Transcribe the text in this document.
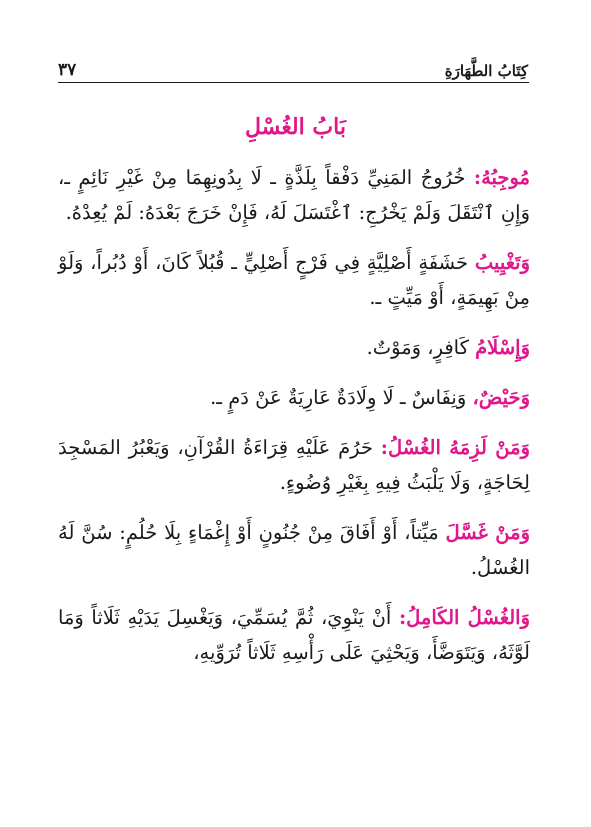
٣٧	كِتَابُ الطَّهَارَةِ
بَابُ الغُسْلِ

مُوجِبُهُ: خُرُوجُ المَنِيِّ دَفْقاً بِلَذَّةٍ ـ لَا بِدُونِهِمَا مِنْ غَيْرِ نَائِمٍ ـ، وَإِنِ ٱنْتَقَلَ وَلَمْ يَخْرُجِ: ٱغْتَسَلَ لَهُ، فَإِنْ خَرَجَ بَعْدَهُ: لَمْ يُعِدْهُ.

وَتَغْيِيبُ حَشَفَةٍ أَصْلِيَّةٍ فِي فَرْجٍ أَصْلِيٍّ ـ قُبُلاً كَانَ، أَوْ دُبُراً، وَلَوْ مِنْ بَهِيمَةٍ، أَوْ مَيِّتٍ ـ.

وَإِسْلَامُ كَافِرٍ، وَمَوْتٌ.

وَحَيْضٌ، وَنِفَاسٌ ـ لَا وِلَادَةٌ عَارِيَةٌ عَنْ دَمٍ ـ.

وَمَنْ لَزِمَهُ الغُسْلُ: حَرُمَ عَلَيْهِ قِرَاءَةُ القُرْآنِ، وَيَعْبُرُ المَسْجِدَ لِحَاجَةٍ، وَلَا يَلْبَثُ فِيهِ بِغَيْرِ وُضُوءٍ.

وَمَنْ غَسَّلَ مَيِّتاً، أَوْ أَفَاقَ مِنْ جُنُونٍ أَوْ إِغْمَاءٍ بِلَا حُلُمٍ: سُنَّ لَهُ الغُسْلُ.

وَالغُسْلُ الكَامِلُ: أَنْ يَنْوِيَ، ثُمَّ يُسَمِّيَ، وَيَغْسِلَ يَدَيْهِ ثَلَاثاً وَمَا لَوَّثَهُ، وَيَتَوَضَّأَ، وَيَحْثِيَ عَلَى رَأْسِهِ ثَلَاثاً تُرَوِّيهِ،
